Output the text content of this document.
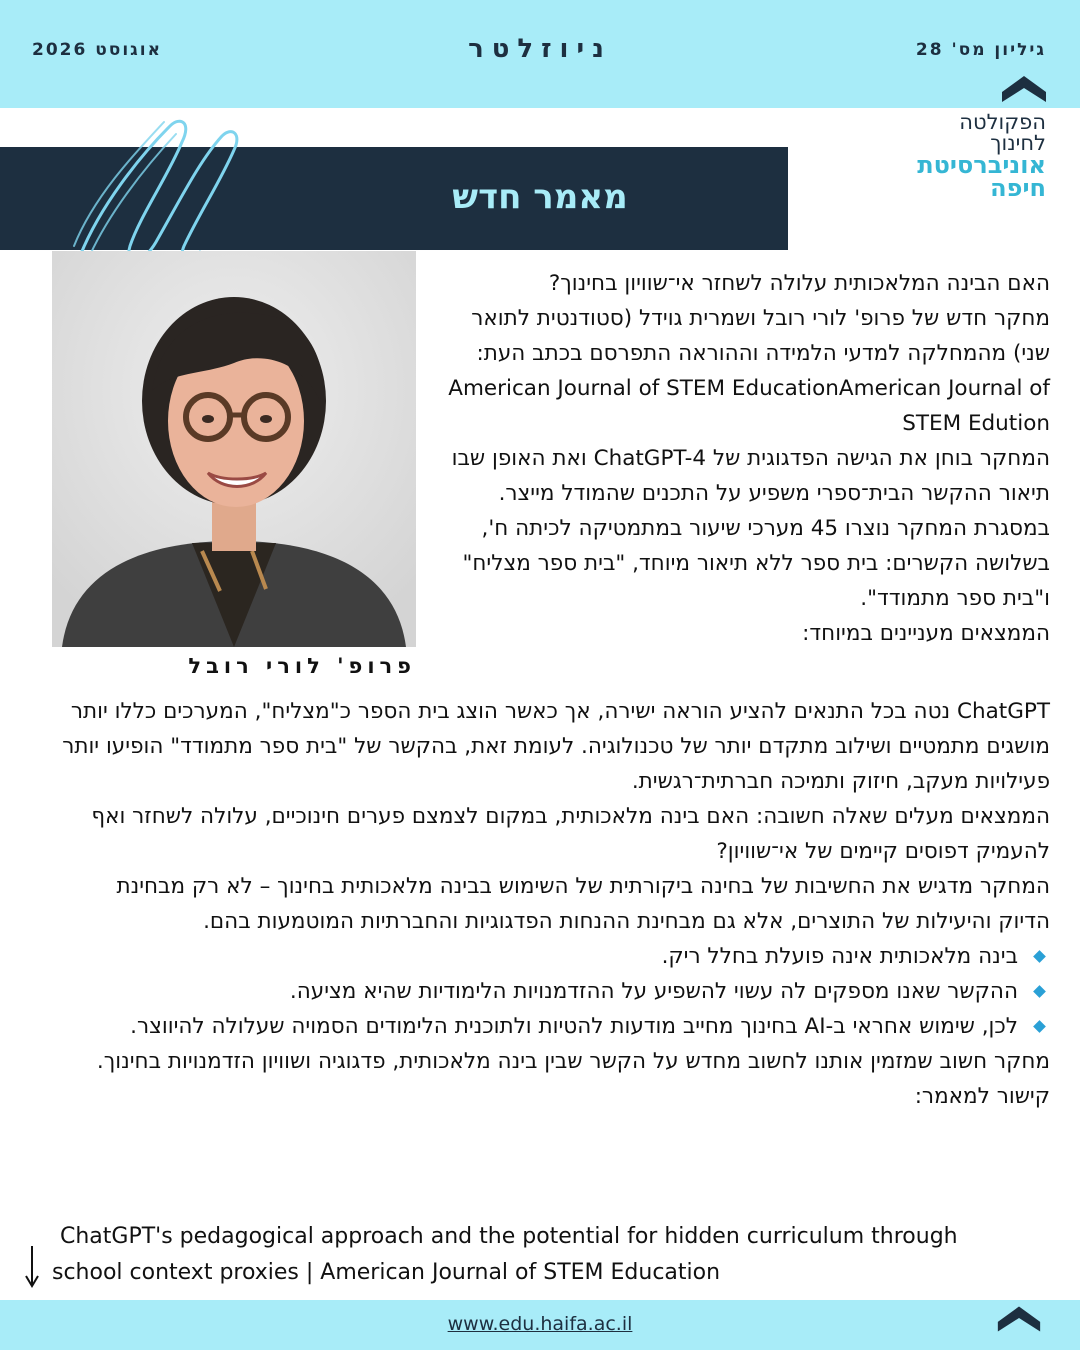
אוגוסט 2026	ניוזלטר	גיליון מס' 28
הפקולטה
לחינוך
אוניברסיטת
חיפה
מאמר חדש
פרופ' לורי רובל

האם הבינה המלאכותית עלולה לשחזר אי־שוויון בחינוך?

מחקר חדש של פרופ' לורי רובל ושמרית גוידל (סטודנטית לתואר שני) מהמחלקה למדעי הלמידה וההוראה התפרסם בכתב העת: American Journal of STEM EducationAmerican Journal of STEM Edution

המחקר בוחן את הגישה הפדגוגית של ChatGPT-4 ואת האופן שבו תיאור ההקשר הבית־ספרי משפיע על התכנים שהמודל מייצר.

במסגרת המחקר נוצרו 45 מערכי שיעור במתמטיקה לכיתה ח', בשלושה הקשרים: בית ספר ללא תיאור מיוחד, "בית ספר מצליח" ו"בית ספר מתמודד".

הממצאים מעניינים במיוחד:

ChatGPT נטה בכל התנאים להציע הוראה ישירה, אך כאשר הוצג בית הספר כ"מצליח", המערכים כללו יותר מושגים מתמטיים ושילוב מתקדם יותר של טכנולוגיה. לעומת זאת, בהקשר של "בית ספר מתמודד" הופיעו יותר פעילויות מעקב, חיזוק ותמיכה חברתית־רגשית.

הממצאים מעלים שאלה חשובה: האם בינה מלאכותית, במקום לצמצם פערים חינוכיים, עלולה לשחזר ואף להעמיק דפוסים קיימים של אי־שוויון?

המחקר מדגיש את החשיבות של בחינה ביקורתית של השימוש בבינה מלאכותית בחינוך – לא רק מבחינת הדיוק והיעילות של התוצרים, אלא גם מבחינת ההנחות הפדגוגיות והחברתיות המוטמעות בהם.

בינה מלאכותית אינה פועלת בחלל ריק.

ההקשר שאנו מספקים לה עשוי להשפיע על ההזדמנויות הלימודיות שהיא מציעה.

לכן, שימוש אחראי ב-AI בחינוך מחייב מודעות להטיות ולתוכנית הלימודים הסמויה שעלולה להיווצר.

מחקר חשוב שמזמין אותנו לחשוב מחדש על הקשר שבין בינה מלאכותית, פדגוגיה ושוויון הזדמנויות בחינוך.

קישור למאמר:

ChatGPT's pedagogical approach and the potential for hidden curriculum through
school context proxies | American Journal of STEM Education
www.edu.haifa.ac.il
